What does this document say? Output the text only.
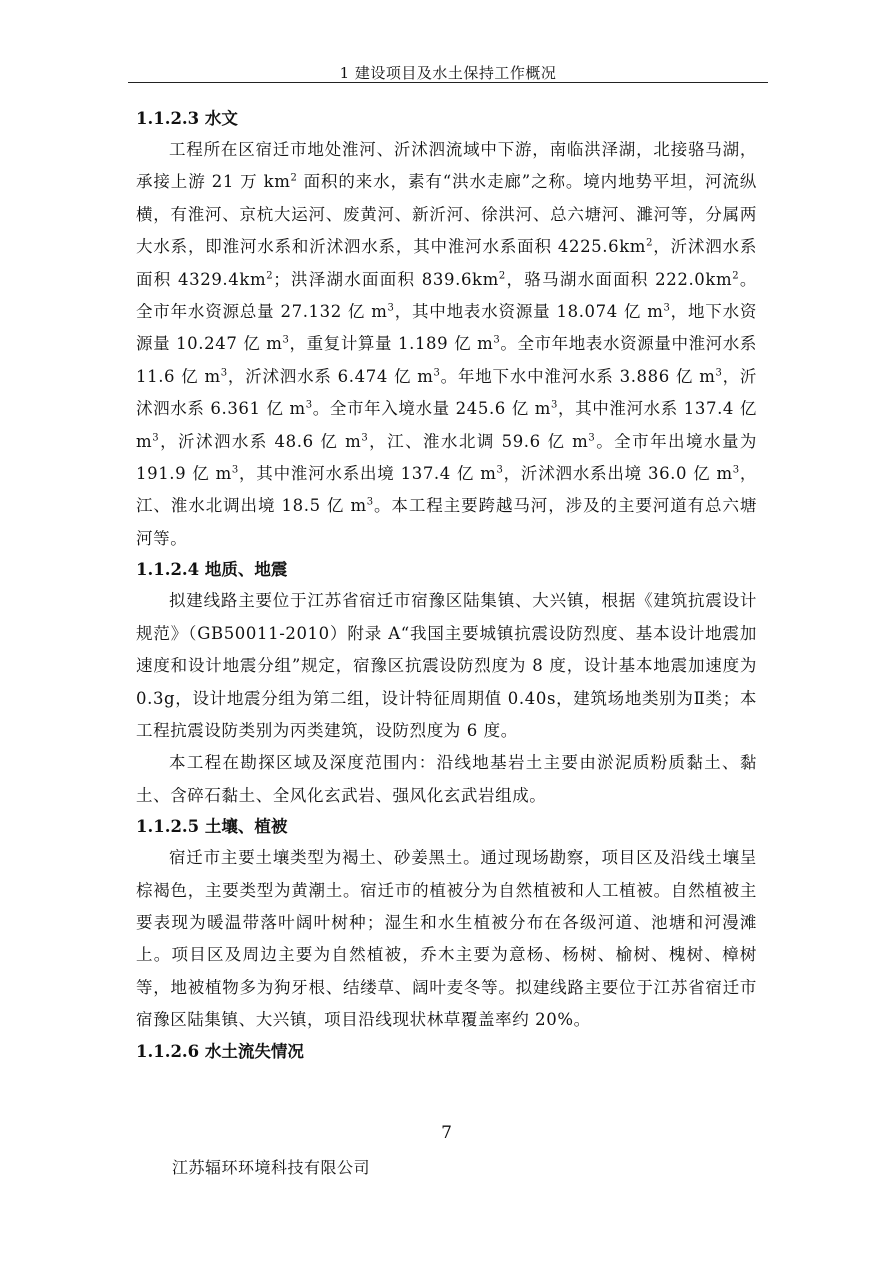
1 建设项目及水土保持工作概况
1.1.2.3 水文

工程所在区宿迁市地处淮河、沂沭泗流域中下游，南临洪泽湖，北接骆马湖，承接上游 21 万 $km^2$ 面积的来水，素有“洪水走廊”之称。境内地势平坦，河流纵横，有淮河、京杭大运河、废黄河、新沂河、徐洪河、总六塘河、濉河等，分属两大水系，即淮河水系和沂沭泗水系，其中淮河水系面积 $4225.6km^2$，沂沭泗水系面积 $4329.4km^2$；洪泽湖水面面积 $839.6km^2$，骆马湖水面面积 $222.0km^2$。全市年水资源总量 27.132 亿 $m^3$，其中地表水资源量 18.074 亿 $m^3$，地下水资源量 10.247 亿 $m^3$，重复计算量 1.189 亿 $m^3$。全市年地表水资源量中淮河水系 11.6 亿 $m^3$，沂沭泗水系 6.474 亿 $m^3$。年地下水中淮河水系 3.886 亿 $m^3$，沂沭泗水系 6.361 亿 $m^3$。全市年入境水量 245.6 亿 $m^3$，其中淮河水系 137.4 亿 $m^3$，沂沭泗水系 48.6 亿 $m^3$，江、淮水北调 59.6 亿 $m^3$。全市年出境水量为 191.9 亿 $m^3$，其中淮河水系出境 137.4 亿 $m^3$，沂沭泗水系出境 36.0 亿 $m^3$，江、淮水北调出境 18.5 亿 $m^3$。本工程主要跨越马河，涉及的主要河道有总六塘河等。

1.1.2.4 地质、地震

拟建线路主要位于江苏省宿迁市宿豫区陆集镇、大兴镇，根据《建筑抗震设计规范》（GB50011-2010）附录 A“我国主要城镇抗震设防烈度、基本设计地震加速度和设计地震分组”规定，宿豫区抗震设防烈度为 8 度，设计基本地震加速度为 0.3g，设计地震分组为第二组，设计特征周期值 0.40s，建筑场地类别为Ⅱ类；本工程抗震设防类别为丙类建筑，设防烈度为 6 度。

本工程在勘探区域及深度范围内：沿线地基岩土主要由淤泥质粉质黏土、黏土、含碎石黏土、全风化玄武岩、强风化玄武岩组成。

1.1.2.5 土壤、植被

宿迁市主要土壤类型为褐土、砂姜黑土。通过现场勘察，项目区及沿线土壤呈棕褐色，主要类型为黄潮土。宿迁市的植被分为自然植被和人工植被。自然植被主要表现为暖温带落叶阔叶树种；湿生和水生植被分布在各级河道、池塘和河漫滩上。项目区及周边主要为自然植被，乔木主要为意杨、杨树、榆树、槐树、樟树等，地被植物多为狗牙根、结缕草、阔叶麦冬等。拟建线路主要位于江苏省宿迁市宿豫区陆集镇、大兴镇，项目沿线现状林草覆盖率约 20%。

1.1.2.6 水土流失情况
7
江苏辐环环境科技有限公司
